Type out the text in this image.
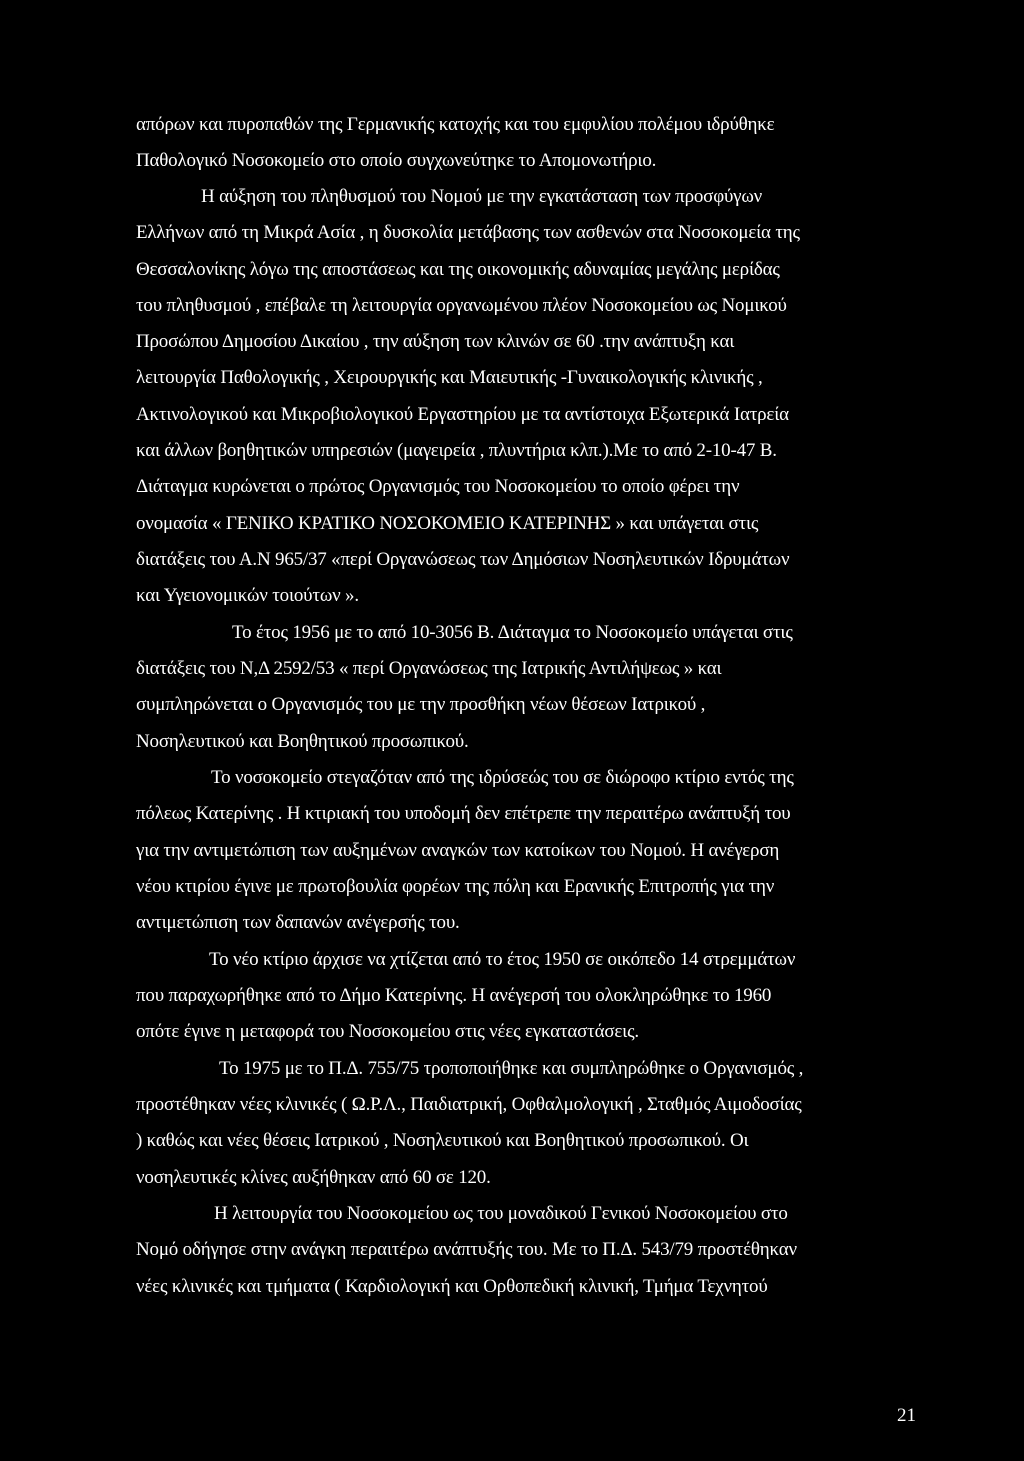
απόρων και πυροπαθών της Γερμανικής κατοχής και του εμφυλίου πολέμου ιδρύθηκε
Παθολογικό Νοσοκομείο στο οποίο συγχωνεύτηκε το Απομονωτήριο.
Η αύξηση του πληθυσμού του Νομού με την εγκατάσταση των προσφύγων
Ελλήνων από τη Μικρά Ασία , η δυσκολία μετάβασης των ασθενών στα Νοσοκομεία της
Θεσσαλονίκης λόγω της αποστάσεως και της οικονομικής αδυναμίας μεγάλης μερίδας
του πληθυσμού , επέβαλε τη λειτουργία οργανωμένου πλέον Νοσοκομείου ως Νομικού
Προσώπου Δημοσίου Δικαίου , την αύξηση των κλινών σε 60 .την ανάπτυξη και
λειτουργία Παθολογικής , Χειρουργικής και Μαιευτικής -Γυναικολογικής κλινικής ,
Ακτινολογικού και Μικροβιολογικού Εργαστηρίου με τα αντίστοιχα Εξωτερικά Ιατρεία
και άλλων βοηθητικών υπηρεσιών (μαγειρεία , πλυντήρια κλπ.).Με το από 2-10-47 Β.
Διάταγμα κυρώνεται ο πρώτος Οργανισμός του Νοσοκομείου το οποίο φέρει την
ονομασία « ΓΕΝΙΚΟ ΚΡΑΤΙΚΟ ΝΟΣΟΚΟΜΕΙΟ ΚΑΤΕΡΙΝΗΣ » και υπάγεται στις
διατάξεις του Α.Ν 965/37 «περί Οργανώσεως των Δημόσιων Νοσηλευτικών Ιδρυμάτων
και Υγειονομικών τοιούτων ».
Το έτος 1956 με το από 10-3056 Β. Διάταγμα το Νοσοκομείο υπάγεται στις
διατάξεις του Ν,Δ 2592/53 « περί Οργανώσεως της Ιατρικής Αντιλήψεως » και
συμπληρώνεται ο Οργανισμός του με την προσθήκη νέων θέσεων Ιατρικού ,
Νοσηλευτικού και Βοηθητικού προσωπικού.
Το νοσοκομείο στεγαζόταν από της ιδρύσεώς του σε διώροφο κτίριο εντός της
πόλεως Κατερίνης . Η κτιριακή του υποδομή δεν επέτρεπε την περαιτέρω ανάπτυξή του
για την αντιμετώπιση των αυξημένων αναγκών των κατοίκων του Νομού. Η ανέγερση
νέου κτιρίου έγινε με πρωτοβουλία φορέων της πόλη και Ερανικής Επιτροπής για την
αντιμετώπιση των δαπανών ανέγερσής του.
Το νέο κτίριο άρχισε να χτίζεται από το έτος 1950 σε οικόπεδο 14 στρεμμάτων
που παραχωρήθηκε από το Δήμο Κατερίνης. Η ανέγερσή του ολοκληρώθηκε το 1960
οπότε έγινε η μεταφορά του Νοσοκομείου στις νέες εγκαταστάσεις.
Το 1975 με το Π.Δ. 755/75 τροποποιήθηκε και συμπληρώθηκε ο Οργανισμός ,
προστέθηκαν νέες κλινικές ( Ω.Ρ.Λ., Παιδιατρική, Οφθαλμολογική , Σταθμός Αιμοδοσίας
) καθώς και νέες θέσεις Ιατρικού , Νοσηλευτικού και Βοηθητικού προσωπικού. Οι
νοσηλευτικές κλίνες αυξήθηκαν από 60 σε 120.
Η λειτουργία του Νοσοκομείου ως του μοναδικού Γενικού Νοσοκομείου στο
Νομό οδήγησε στην ανάγκη περαιτέρω ανάπτυξής του. Με το Π.Δ. 543/79 προστέθηκαν
νέες κλινικές και τμήματα ( Καρδιολογική και Ορθοπεδική κλινική, Τμήμα Τεχνητού
21
